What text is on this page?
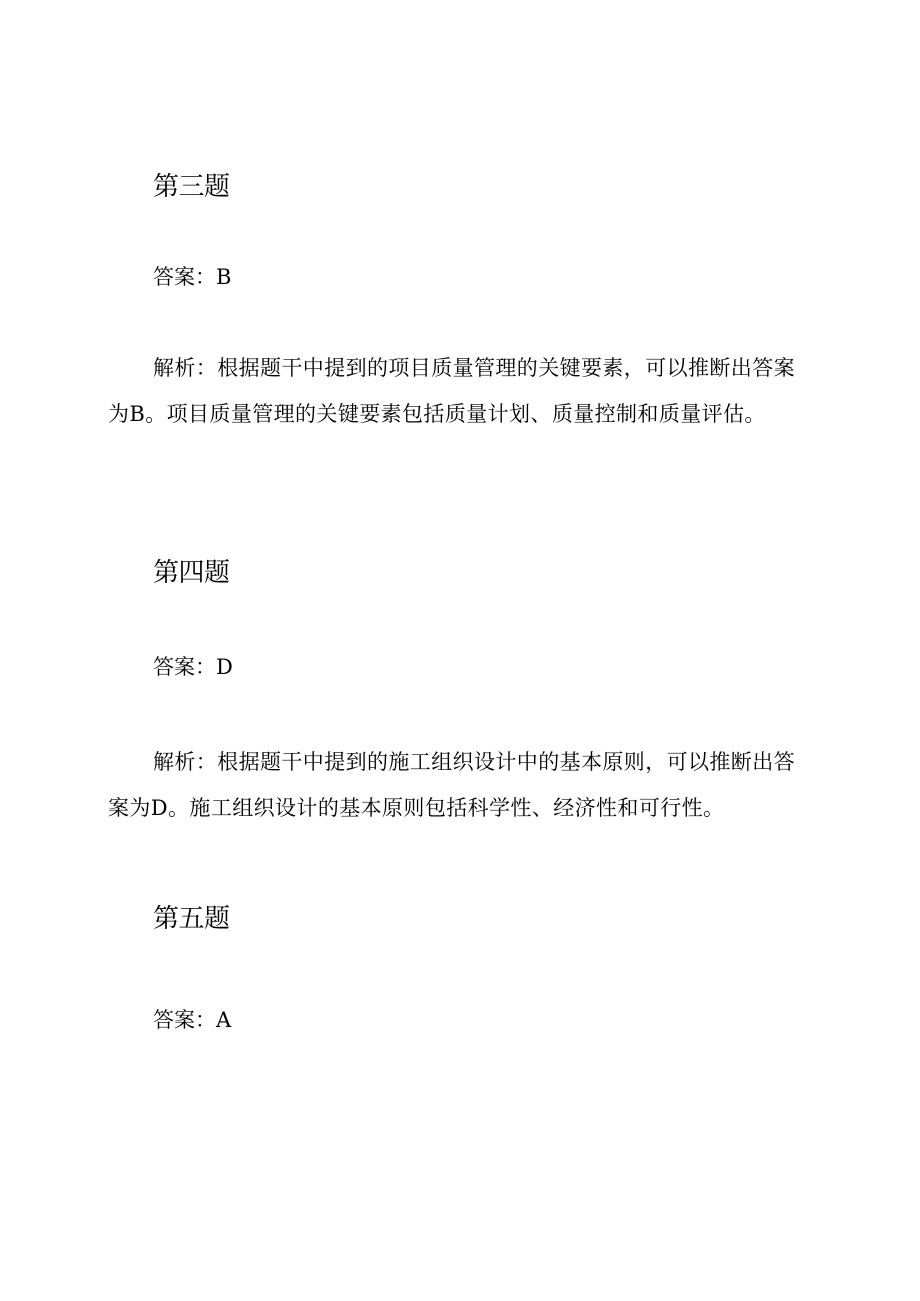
第三题

答案：B

解析：根据题干中提到的项目质量管理的关键要素，可以推断出答案为B。项目质量管理的关键要素包括质量计划、质量控制和质量评估。

第四题

答案：D

解析：根据题干中提到的施工组织设计中的基本原则，可以推断出答案为D。施工组织设计的基本原则包括科学性、经济性和可行性。

第五题

答案：A
